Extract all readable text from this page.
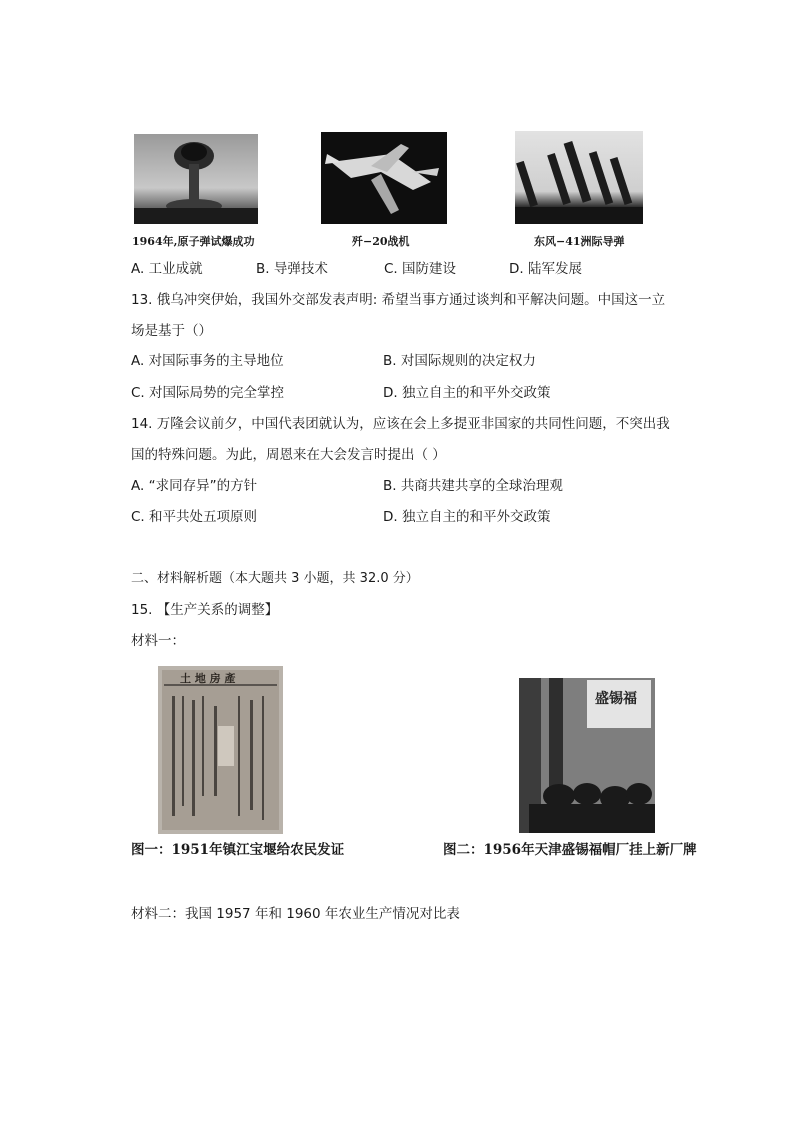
1964年,原子弹试爆成功	歼−20战机	东风−41洲际导弹
A. 工业成就	B. 导弹技术	C. 国防建设	D. 陆军发展
13. 俄乌冲突伊始，我国外交部发表声明: 希望当事方通过谈判和平解决问题。中国这一立
场是基于（）
A. 对国际事务的主导地位	B. 对国际规则的决定权力
C. 对国际局势的完全掌控	D. 独立自主的和平外交政策
14. 万隆会议前夕，中国代表团就认为，应该在会上多提亚非国家的共同性问题，不突出我
国的特殊问题。为此，周恩来在大会发言时提出（ ）
A. “求同存异”的方针	B. 共商共建共享的全球治理观
C. 和平共处五项原则	D. 独立自主的和平外交政策
二、材料解析题（本大题共 3 小题，共 32.0 分）
15. 【生产关系的调整】
材料一：
土 地 房 產
盛锡福
图一：1951年镇江宝堰给农民发证	图二：1956年天津盛锡福帽厂挂上新厂牌
材料二：我国 1957 年和 1960 年农业生产情况对比表
